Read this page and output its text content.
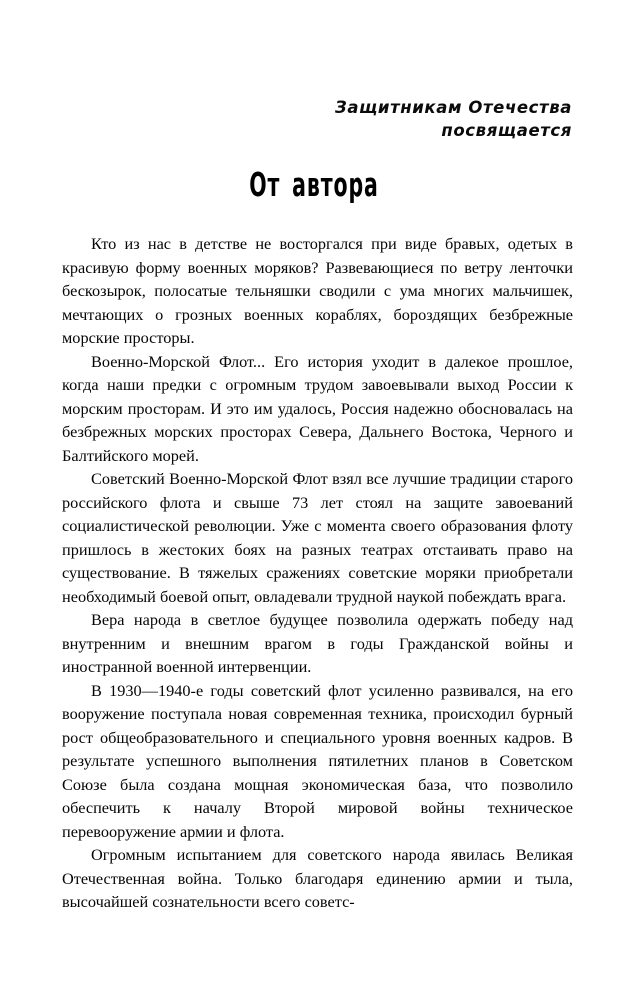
Защитникам Отечества
посвящается
От автора

Кто из нас в детстве не восторгался при виде бравых, одетых в красивую форму военных моряков? Развевающиеся по ветру ленточки бескозырок, полосатые тельняшки сводили с ума многих мальчишек, мечтающих о грозных военных кораблях, бороздящих безбрежные морские просторы.

Военно-Морской Флот... Его история уходит в далекое прошлое, когда наши предки с огромным трудом завоевывали выход России к морским просторам. И это им удалось, Россия надежно обосновалась на безбрежных морских просторах Севера, Дальнего Востока, Черного и Балтийского морей.

Советский Военно-Морской Флот взял все лучшие традиции старого российского флота и свыше 73 лет стоял на защите завоеваний социалистической революции. Уже с момента своего образования флоту пришлось в жестоких боях на разных театрах отстаивать право на существование. В тяжелых сражениях советские моряки приобретали необходимый боевой опыт, овладевали трудной наукой побеждать врага.

Вера народа в светлое будущее позволила одержать победу над внутренним и внешним врагом в годы Гражданской войны и иностранной военной интервенции.

В 1930—1940-е годы советский флот усиленно развивался, на его вооружение поступала новая современная техника, происходил бурный рост общеобразовательного и специального уровня военных кадров. В результате успешного выполнения пятилетних планов в Советском Союзе была создана мощная экономическая база, что позволило обеспечить к началу Второй мировой войны техническое перевооружение армии и флота.

Огромным испытанием для советского народа явилась Великая Отечественная война. Только благодаря единению армии и тыла, высочайшей сознательности всего советс-
